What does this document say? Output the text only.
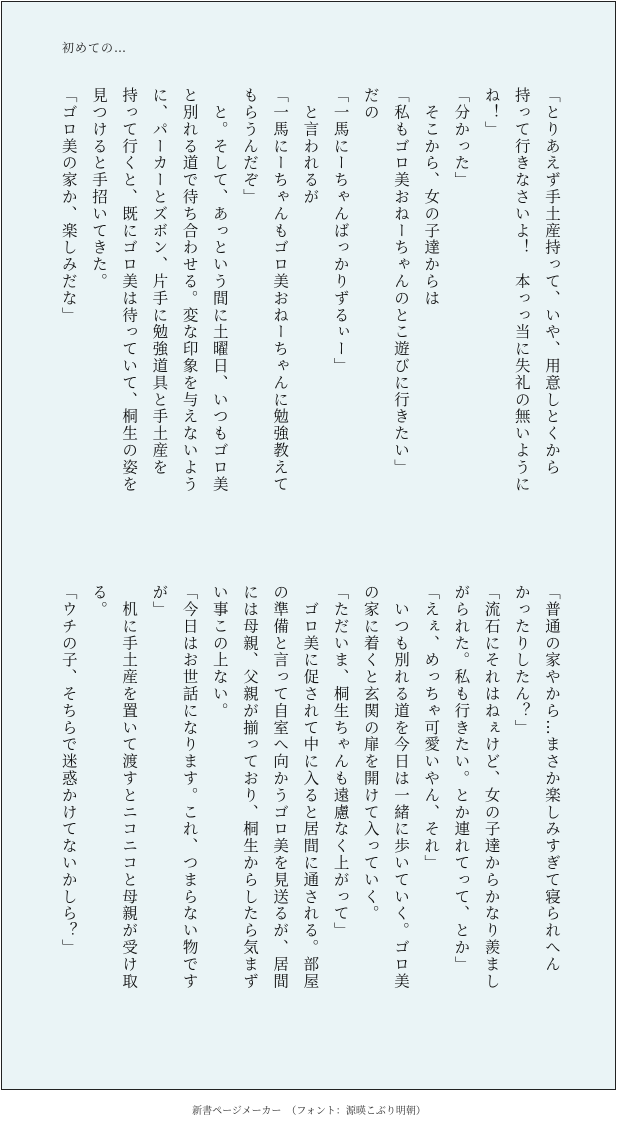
初めての…
「とりあえず手土産持って、いや、用意しとくから
持って行きなさいよ！　本っっ当に失礼の無いように
ね！」
「分かった」
　そこから、女の子達からは
「私もゴロ美おねーちゃんのとこ遊びに行きたい」
だの
「一馬にーちゃんばっかりずるぃー」
　と言われるが
「一馬にーちゃんもゴロ美おねーちゃんに勉強教えて
もらうんだぞ」
　と。そして、あっという間に土曜日、いつもゴロ美
と別れる道で待ち合わせる。変な印象を与えないよう
に、パーカーとズボン、片手に勉強道具と手土産を
持って行くと、既にゴロ美は待っていて、桐生の姿を
見つけると手招いてきた。
「ゴロ美の家か、楽しみだな」
「普通の家やから…まさか楽しみすぎて寝られへん
かったりしたん？」
「流石にそれはねぇけど、女の子達からかなり羨まし
がられた。私も行きたい。とか連れてって、とか」
「えぇ、めっちゃ可愛いやん、それ」
　いつも別れる道を今日は一緒に歩いていく。ゴロ美
の家に着くと玄関の扉を開けて入っていく。
「ただいま、桐生ちゃんも遠慮なく上がって」
　ゴロ美に促されて中に入ると居間に通される。部屋
の準備と言って自室へ向かうゴロ美を見送るが、居間
には母親、父親が揃っており、桐生からしたら気まず
い事この上ない。
「今日はお世話になります。これ、つまらない物です
が」
　机に手土産を置いて渡すとニコニコと母親が受け取
る。
「ウチの子、そちらで迷惑かけてないかしら？」
新書ページメーカー　（フォント：源暎こぶり明朝）
